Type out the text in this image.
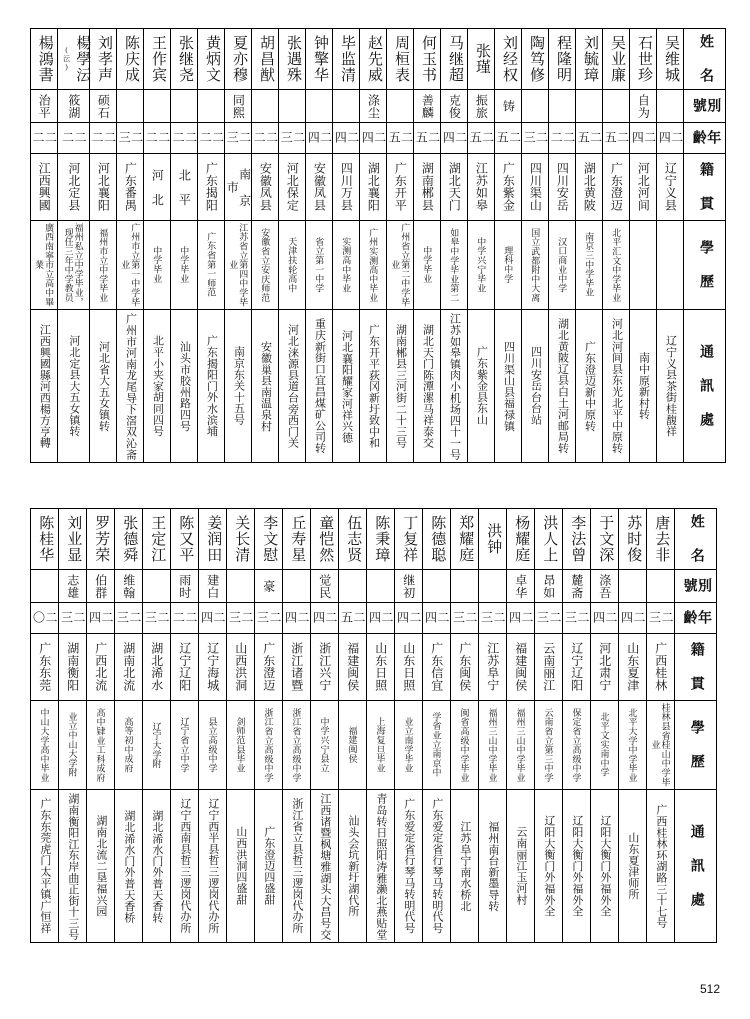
楊鴻書	楊學沄(沄)	刘孝声	陈庆成	王作宾	张继尧	黄炳文	夏亦穆	胡昌猷	张遇殊	钟擎华	毕监清	赵先威	周桓表	何玉书	马继超	张瑾	刘经权	陶笃修	程隆明	刘毓璋	吴业廉	石世珍	吴维城	姓　名

治平	筱湖	硕石					同熙					涤尘		善麟	克俊	振旅	铸					自为		別　號

二二	二二	二二	二三	二二	二二	二二	二三	二二	二三	二四	二四	二四	二五	二五	二四	二五	二五	二三	二二	二五	二五	二四	二四	年　齡

江西興國	河北定县	河北襄阳	广东番禺	河　北	北　平	广东揭阳	南 京 市	安徽凤县	河北保定	安徽凤县	四川万县	湖北襄阳	广东开平	湖南郴县	湖北天门	江苏如皋	广东紫金	四川渠山	四川安岳	湖北黄陂	广东澄迈	河北河间	辽宁义县	籍　貫

廣西南寧市立高中畢業	福州私立中学毕业，现任三年中学教员	福州市立中学毕业	广州市立第一中学毕业	中学毕业	中学毕业	广东省第一师范	江苏省立第四中学毕业	安徽省立安庆师范	天津扶轮高中	省立第一中学	实测高中毕业	广州实测高中毕业	广州省立第二中学毕业	中学毕业	如皋中学毕业第二	中学兴宁毕业	理科中学	国立武都附中大离	汉口商业中学	南京三中学毕业	北平汇文中学毕业			學　歷

江西興國縣河西楊方亨轉	河北定县大五女镇转	河北省大五女镇转	广州市河南龙尾导下滘双沁斋	北平小夹家胡同四号	汕头市胶州路四号	广东揭阳门外水滨埔	南京东关十五号	安徽巢县南温泉村	河北涞源县道台旁西门关	重庆新街口宜昌煤矿公司转	河北襄阳耀家河祥兴德	广东开平荻冈新圩致中和	湖南郴县三河街二十三号	湖北天门陈潭漯马祥泰交	江苏如皋镇肉小机场四十一号	广东紫金县东山	四川渠山县福禄镇	四川安岳台台站	湖北黄陂辽县白土河邮局转	广东澄迈新中原转	河北河间县东光北平中原转	南中原新村转	辽宁义县茶街桂馥祥	通　訊　處
陈桂华	刘业显	罗芳荣	张德舜	王定江	陈又平	姜润田	关长清	李文慰	丘寿星	童恺然	伍志贤	陈秉璋	丁复祥	陈德聪	郑耀庭	洪钟	杨耀庭	洪人上	李法曾	于文深	苏时俊	唐去非	姓　名

	志雄	伯群	维翰		雨时	建白		豪		觉民			继初				卓华	昂如	麓斋	涤吾			別　號

二〇	二三	二四	二三	二三	二二	二四	二三	二三	二四	二四	二五	二四	二四	二四	二三	二三	二四	二三	二三	二四	二四	二三	年　齡

广东东莞	湖南衡阳	广西北流	湖南北流	湖北浠水	辽宁辽阳	辽宁海城	山西洪洞	广东澄迈	浙江诸暨	浙江兴宁	福建闽侯	山东日照	山东日照	广东信宜	广东闽侯	江苏阜宁	福建闽侯	云南丽江	辽宁辽阳	河北肃宁	山东夏津	广西桂林	籍　貫

中山大学高中毕业	业立中山大学附	高中肄业工科成府	高等初中成府	辽宁大学附	辽宁省立中学	县立高级中学	剑师范县毕业	浙江省立高级中学	浙江省立高级中学	中学兴宁县立	福建闽侯	上海复旦毕业	业立南学毕业	学省业立南京中	闽省高级中学毕业	福州三山中学毕业	福州三山中学毕业	云南省立第三中学	保定省立高级中学	北平文实南中学	北平大学中学毕业	桂林县省桂山中学毕业	學　歷

广东东莞虎门太平镇广恒祥	湖南衡阳江东岸曲正街十三号	湖南北流二垦福兴园	湖北浠水门外普天香桥	湖北浠水门外普天香转	辽宁西南县哲三逻岗代办所	辽宁西半县哲三逻岗代办所	山西洪洞四盛甜	广东澄迈四盛甜	浙江省立县哲三逻岗代办所	江西诸暨枫塘雅湖头大昌号交	汕头会坑新圩湖代所	青岛转日照阳涛雅濑北燕贴堂	广东爱定省行琴马转明代号	广东爱定省行琴马转明代号	江苏阜宁南水桥北	福州南台新墨导转	云南丽江玉河村	辽阳大衡门外福外全	辽阳大衡门外福外全	辽阳大衡门外福外全	山东夏津师所	广西桂林环湖路三十七号	通　訊　處
512
